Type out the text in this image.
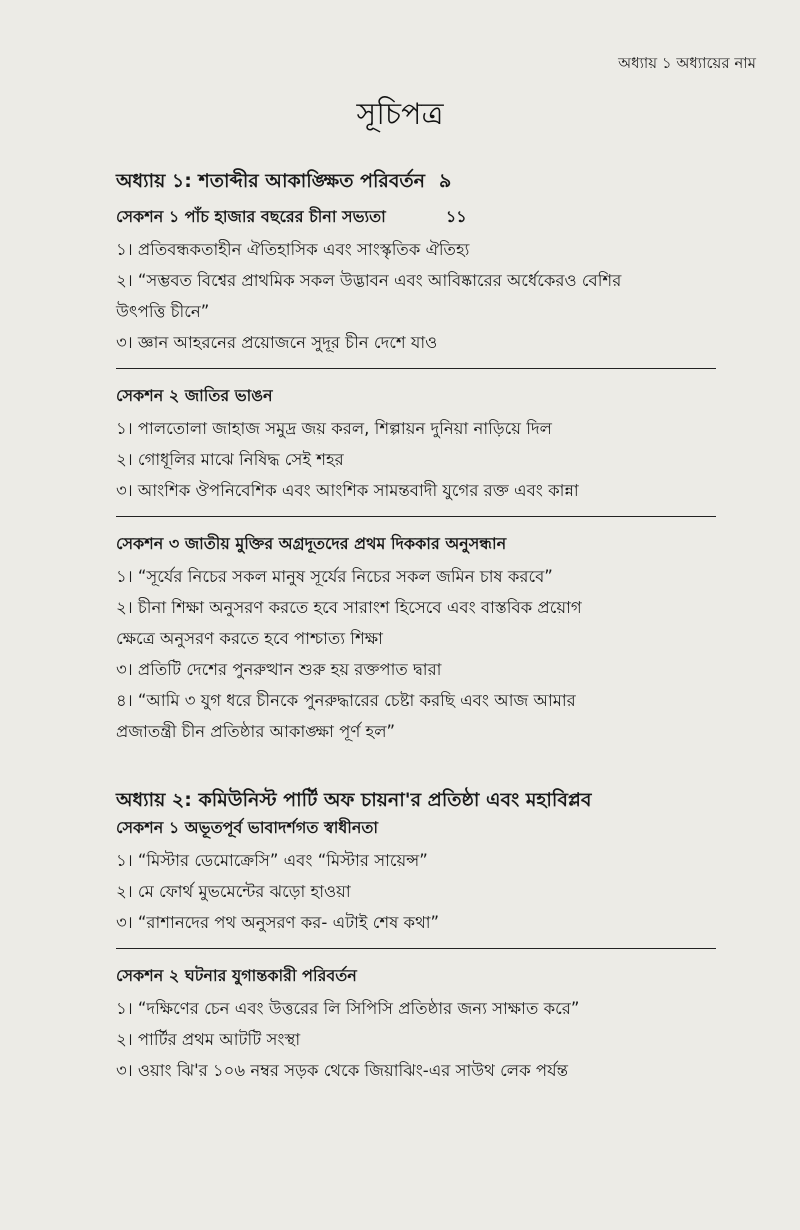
অধ্যায় ১ অধ্যায়ের নাম
সূচিপত্র
অধ্যায় ১: শতাব্দীর আকাঙ্ক্ষিত পরিবর্তন ৯
সেকশন ১ পাঁচ হাজার বছরের চীনা সভ্যতা	১১

১। প্রতিবন্ধকতাহীন ঐতিহাসিক এবং সাংস্কৃতিক ঐতিহ্য

২। “সম্ভবত বিশ্বের প্রাথমিক সকল উদ্ভাবন এবং আবিষ্কারের অর্ধেকেরও বেশির

উৎপত্তি চীনে”

৩। জ্ঞান আহরনের প্রয়োজনে সুদূর চীন দেশে যাও

সেকশন ২ জাতির ভাঙন

১। পালতোলা জাহাজ সমুদ্র জয় করল, শিল্পায়ন দুনিয়া নাড়িয়ে দিল

২। গোধূলির মাঝে নিষিদ্ধ সেই শহর

৩। আংশিক ঔপনিবেশিক এবং আংশিক সামন্তবাদী যুগের রক্ত এবং কান্না

সেকশন ৩ জাতীয় মুক্তির অগ্রদূতদের প্রথম দিককার অনুসন্ধান

১। “সূর্যের নিচের সকল মানুষ সূর্যের নিচের সকল জমিন চাষ করবে”

২। চীনা শিক্ষা অনুসরণ করতে হবে সারাংশ হিসেবে এবং বাস্তবিক প্রয়োগ

ক্ষেত্রে অনুসরণ করতে হবে পাশ্চাত্য শিক্ষা

৩। প্রতিটি দেশের পুনরুত্থান শুরু হয় রক্তপাত দ্বারা

৪। “আমি ৩ যুগ ধরে চীনকে পুনরুদ্ধারের চেষ্টা করছি এবং আজ আমার

প্রজাতন্ত্রী চীন প্রতিষ্ঠার আকাঙ্ক্ষা পূর্ণ হল”

অধ্যায় ২: কমিউনিস্ট পার্টি অফ চায়না'র প্রতিষ্ঠা এবং মহাবিপ্লব
সেকশন ১ অভূতপূর্ব ভাবাদর্শগত স্বাধীনতা

১। “মিস্টার ডেমোক্রেসি” এবং “মিস্টার সায়েন্স”

২। মে ফোর্থ মুভমেন্টের ঝড়ো হাওয়া

৩। “রাশানদের পথ অনুসরণ কর- এটাই শেষ কথা”

সেকশন ২ ঘটনার যুগান্তকারী পরিবর্তন

১। “দক্ষিণের চেন এবং উত্তরের লি সিপিসি প্রতিষ্ঠার জন্য সাক্ষাত করে”

২। পার্টির প্রথম আটটি সংস্থা

৩। ওয়াং ঝি'র ১০৬ নম্বর সড়ক থেকে জিয়াঝিং-এর সাউথ লেক পর্যন্ত
